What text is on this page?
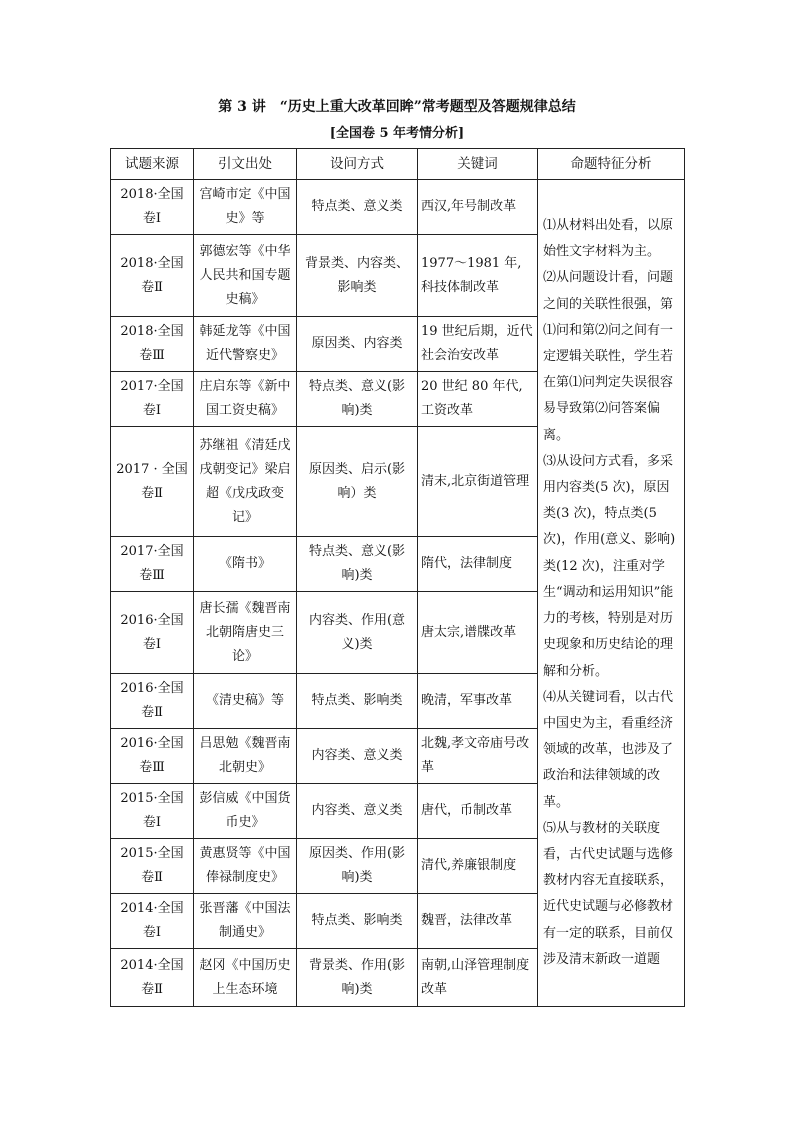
第 3 讲　“历史上重大改革回眸”常考题型及答题规律总结
[全国卷 5 年考情分析]
试题来源	引文出处	设问方式	关键词	命题特征分析
2018·全国卷Ⅰ	宫崎市定《中国史》等	特点类、意义类	西汉,年号制改革	⑴从材料出处看，以原始性文字材料为主。
⑵从问题设计看，问题之间的关联性很强，第⑴问和第⑵问之间有一定逻辑关联性，学生若在第⑴问判定失误很容易导致第⑵问答案偏离。
⑶从设问方式看，多采用内容类(5 次)，原因类(3 次)，特点类(5次)，作用(意义、影响)类(12 次)，注重对学生“调动和运用知识”能力的考核，特别是对历史现象和历史结论的理解和分析。
⑷从关键词看，以古代中国史为主，看重经济领域的改革，也涉及了政治和法律领域的改革。
⑸从与教材的关联度看，古代史试题与选修教材内容无直接联系，近代史试题与必修教材有一定的联系，目前仅涉及清末新政一道题

2018·全国卷Ⅱ	郭德宏等《中华人民共和国专题史稿》	背景类、内容类、影响类	1977～1981 年,科技体制改革	
2018·全国卷Ⅲ	韩延龙等《中国近代警察史》	原因类、内容类	19 世纪后期，近代社会治安改革	
2017·全国卷Ⅰ	庄启东等《新中国工资史稿》	特点类、意义(影响)类	20 世纪 80 年代,工资改革	
2017 · 全国卷Ⅱ	苏继祖《清廷戊戌朝变记》梁启超《戊戌政变记》	原因类、启示(影响）类	清末,北京街道管理	
2017·全国卷Ⅲ	《隋书》	特点类、意义(影响)类	隋代，法律制度	
2016·全国卷Ⅰ	唐长孺《魏晋南北朝隋唐史三论》	内容类、作用(意义)类	唐太宗,谱牒改革	
2016·全国卷Ⅱ	《清史稿》等	特点类、影响类	晚清，军事改革	
2016·全国卷Ⅲ	吕思勉《魏晋南北朝史》	内容类、意义类	北魏,孝文帝庙号改革	
2015·全国卷Ⅰ	彭信威《中国货币史》	内容类、意义类	唐代，币制改革	
2015·全国卷Ⅱ	黄惠贤等《中国俸禄制度史》	原因类、作用(影响)类	清代,养廉银制度	
2014·全国卷Ⅰ	张晋藩《中国法制通史》	特点类、影响类	魏晋，法律改革	
2014·全国卷Ⅱ	赵冈《中国历史上生态环境	背景类、作用(影响)类	南朝,山泽管理制度改革	
